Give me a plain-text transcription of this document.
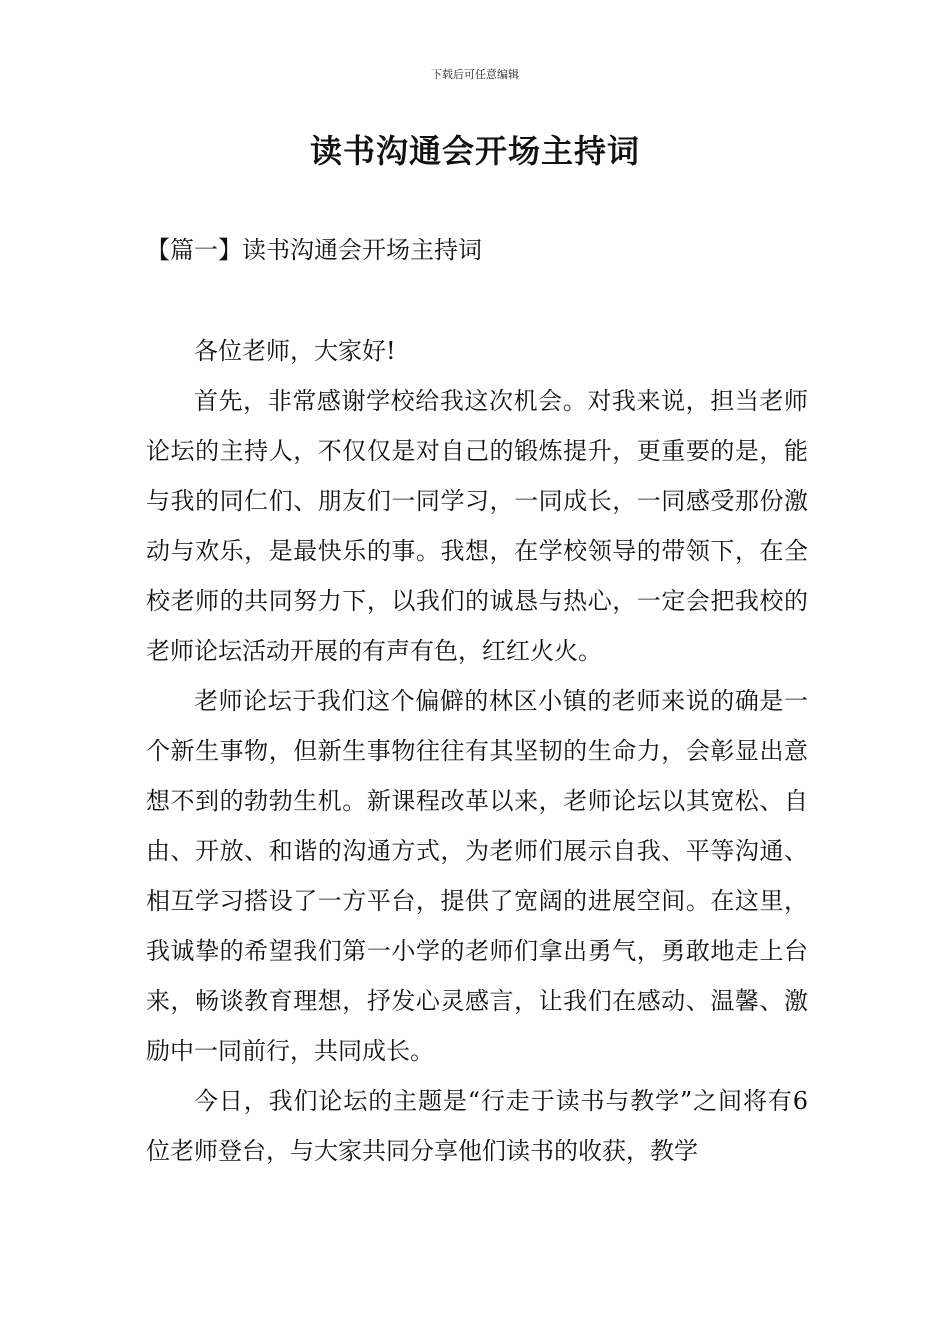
下载后可任意编辑
读书沟通会开场主持词
【篇一】读书沟通会开场主持词

各位老师，大家好!

首先，非常感谢学校给我这次机会。对我来说，担当老师论坛的主持人，不仅仅是对自己的锻炼提升，更重要的是，能与我的同仁们、朋友们一同学习，一同成长，一同感受那份激动与欢乐，是最快乐的事。我想，在学校领导的带领下，在全校老师的共同努力下，以我们的诚恳与热心，一定会把我校的老师论坛活动开展的有声有色，红红火火。

老师论坛于我们这个偏僻的林区小镇的老师来说的确是一个新生事物，但新生事物往往有其坚韧的生命力，会彰显出意想不到的勃勃生机。新课程改革以来，老师论坛以其宽松、自由、开放、和谐的沟通方式，为老师们展示自我、平等沟通、相互学习搭设了一方平台，提供了宽阔的进展空间。在这里，我诚挚的希望我们第一小学的老师们拿出勇气，勇敢地走上台来，畅谈教育理想，抒发心灵感言，让我们在感动、温馨、激励中一同前行，共同成长。

今日，我们论坛的主题是“行走于读书与教学”之间将有6位老师登台，与大家共同分享他们读书的收获，教学
